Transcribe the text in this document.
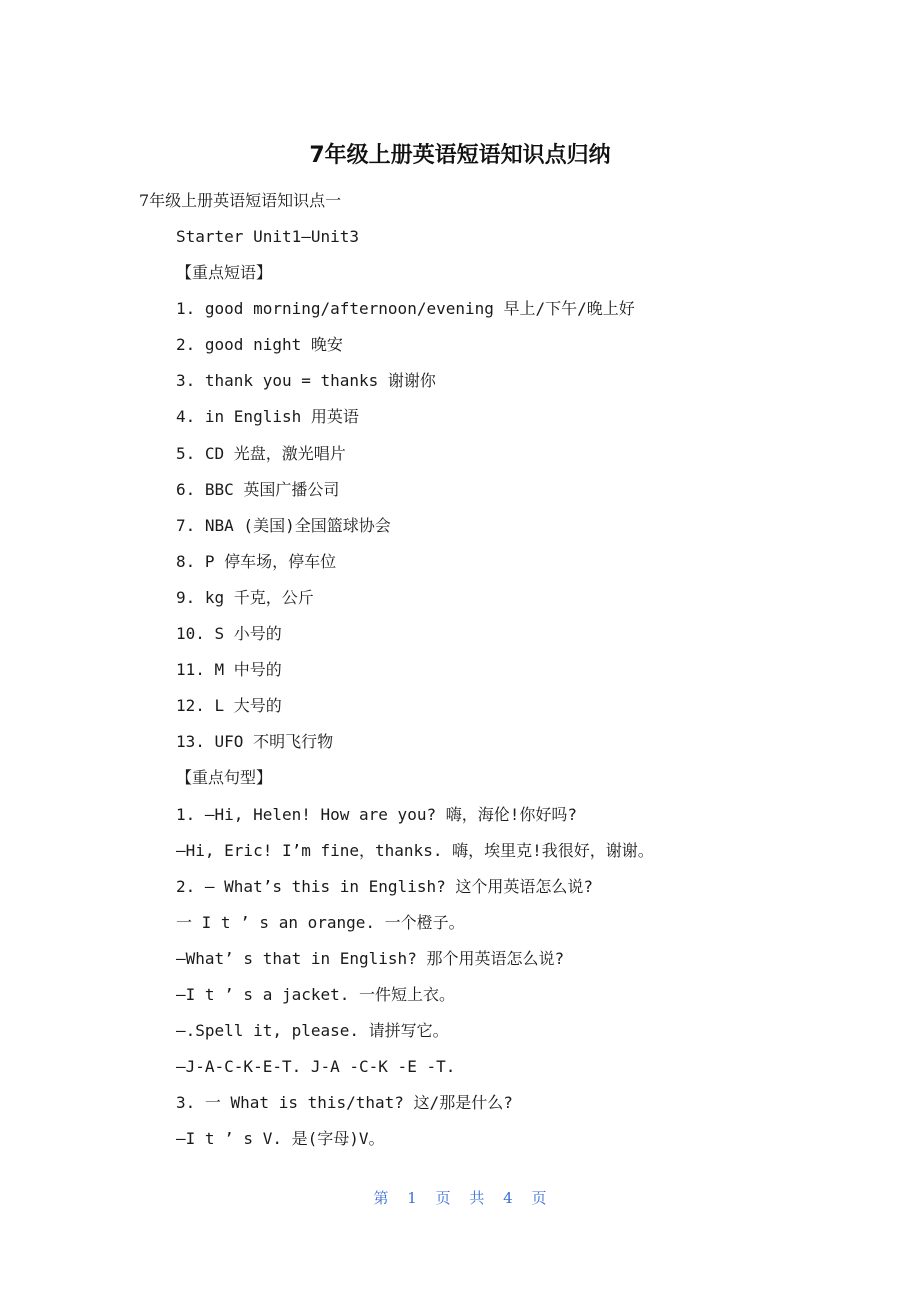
7年级上册英语短语知识点归纳
7年级上册英语短语知识点一
Starter Unit1—Unit3
【重点短语】
1. good morning/afternoon/evening 早上/下午/晚上好
2. good night 晚安
3. thank you = thanks 谢谢你
4. in English 用英语
5. CD 光盘，激光唱片
6. BBC 英国广播公司
7. NBA (美国)全国篮球协会
8. P 停车场，停车位
9. kg 千克，公斤
10. S 小号的
11. M 中号的
12. L 大号的
13. UFO 不明飞行物
【重点句型】
1. —Hi, Helen! How are you? 嗨，海伦!你好吗?
—Hi, Eric! I’m fine，thanks. 嗨，埃里克!我很好，谢谢。
2. — What’s this in English? 这个用英语怎么说?
一 I t ’ s an orange. 一个橙子。
—What’ s that in English? 那个用英语怎么说?
—I t ’ s a jacket. 一件短上衣。
—.Spell it, please. 请拼写它。
—J-A-C-K-E-T. J-A -C-K -E -T.
3. 一 What is this/that? 这/那是什么?
—I t ’ s V. 是(字母)V。
第 1 页 共 4 页
